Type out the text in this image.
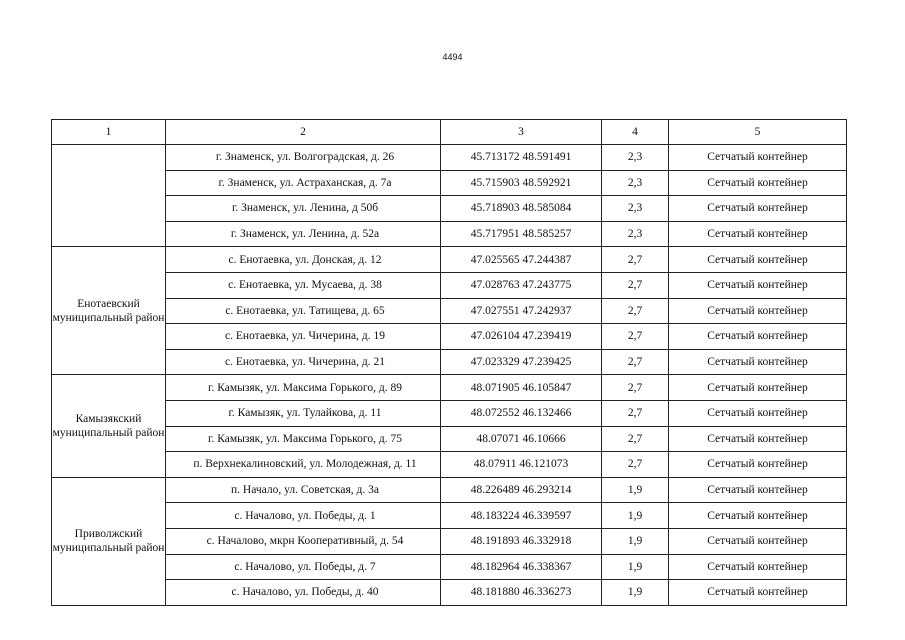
4494
1	2	3	4	5
	г. Знаменск, ул. Волгоградская, д. 26	45.713172 48.591491	2,3	Сетчатый контейнер
	г. Знаменск, ул. Астраханская, д. 7а	45.715903 48.592921	2,3	Сетчатый контейнер
	г. Знаменск, ул. Ленина, д 50б	45.718903 48.585084	2,3	Сетчатый контейнер
	г. Знаменск, ул. Ленина, д. 52а	45.717951 48.585257	2,3	Сетчатый контейнер
Енотаевский муниципальный район	с. Енотаевка, ул. Донская, д. 12	47.025565 47.244387	2,7	Сетчатый контейнер
	с. Енотаевка, ул. Мусаева, д. 38	47.028763 47.243775	2,7	Сетчатый контейнер
	с. Енотаевка, ул. Татищева, д. 65	47.027551 47.242937	2,7	Сетчатый контейнер
	с. Енотаевка, ул. Чичерина, д. 19	47.026104 47.239419	2,7	Сетчатый контейнер
	с. Енотаевка, ул. Чичерина, д. 21	47.023329 47.239425	2,7	Сетчатый контейнер
Камызякский муниципальный район	г. Камызяк, ул. Максима Горького, д. 89	48.071905 46.105847	2,7	Сетчатый контейнер
	г. Камызяк, ул. Тулайкова, д. 11	48.072552 46.132466	2,7	Сетчатый контейнер
	г. Камызяк, ул. Максима Горького, д. 75	48.07071 46.10666	2,7	Сетчатый контейнер
	п. Верхнекалиновский, ул. Молодежная, д. 11	48.07911 46.121073	2,7	Сетчатый контейнер
Приволжский муниципальный район	п. Начало, ул. Советская, д. 3а	48.226489 46.293214	1,9	Сетчатый контейнер
	с. Началово, ул. Победы, д. 1	48.183224 46.339597	1,9	Сетчатый контейнер
	с. Началово, мкрн Кооперативный, д. 54	48.191893 46.332918	1,9	Сетчатый контейнер
	с. Началово, ул. Победы, д. 7	48.182964 46.338367	1,9	Сетчатый контейнер
	с. Началово, ул. Победы, д. 40	48.181880 46.336273	1,9	Сетчатый контейнер
